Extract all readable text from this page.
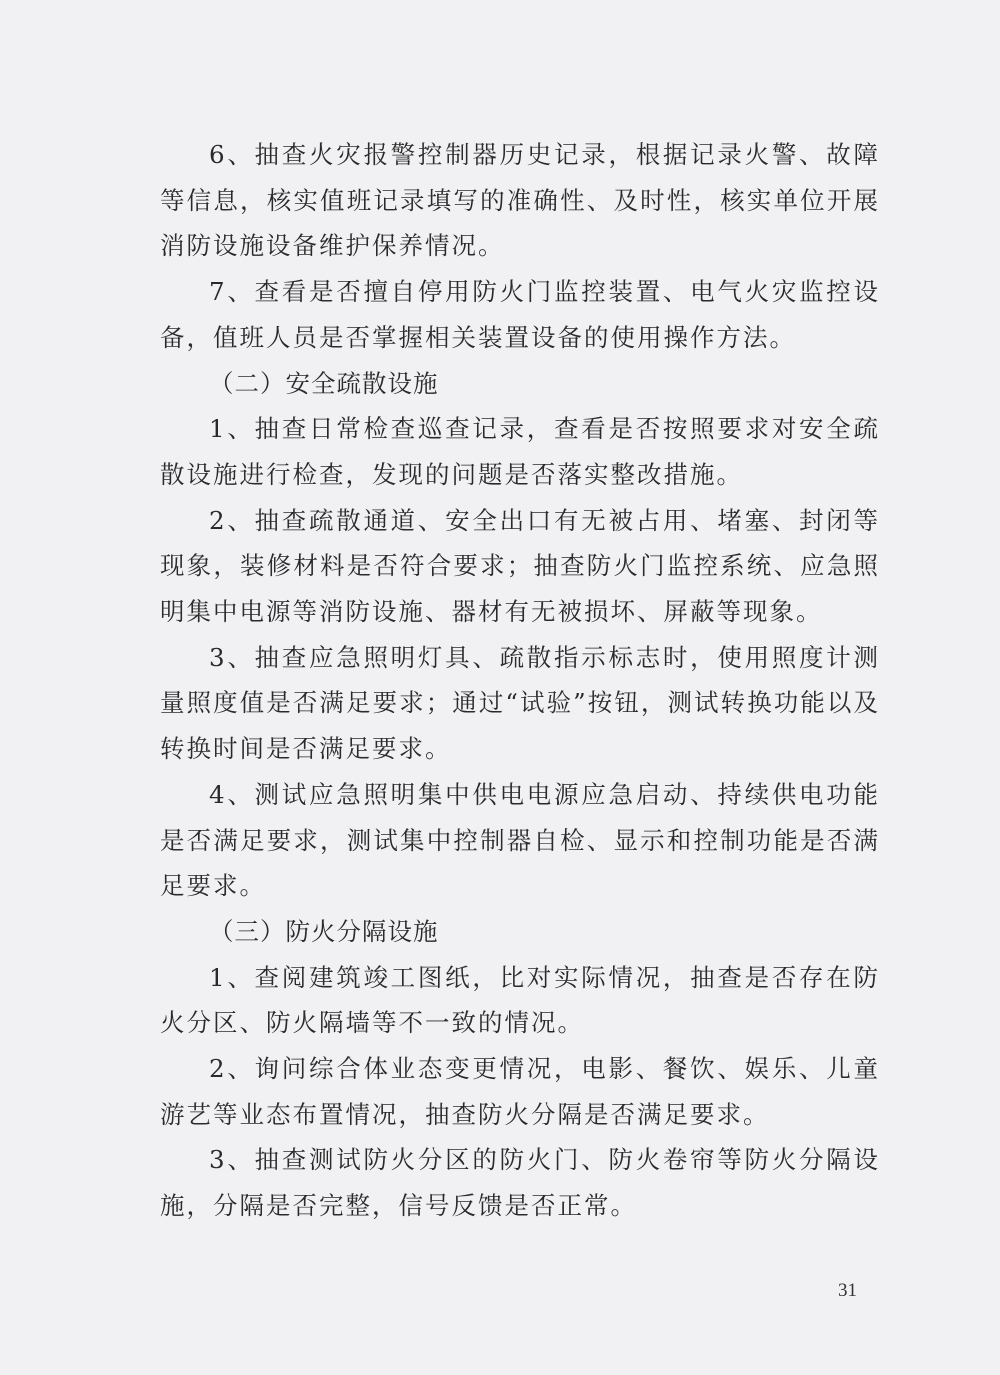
6、抽查火灾报警控制器历史记录，根据记录火警、故障等信息，核实值班记录填写的准确性、及时性，核实单位开展消防设施设备维护保养情况。

7、查看是否擅自停用防火门监控装置、电气火灾监控设备，值班人员是否掌握相关装置设备的使用操作方法。

（二）安全疏散设施

1、抽查日常检查巡查记录，查看是否按照要求对安全疏散设施进行检查，发现的问题是否落实整改措施。

2、抽查疏散通道、安全出口有无被占用、堵塞、封闭等现象，装修材料是否符合要求；抽查防火门监控系统、应急照明集中电源等消防设施、器材有无被损坏、屏蔽等现象。

3、抽查应急照明灯具、疏散指示标志时，使用照度计测量照度值是否满足要求；通过“试验”按钮，测试转换功能以及转换时间是否满足要求。

4、测试应急照明集中供电电源应急启动、持续供电功能是否满足要求，测试集中控制器自检、显示和控制功能是否满足要求。

（三）防火分隔设施

1、查阅建筑竣工图纸，比对实际情况，抽查是否存在防火分区、防火隔墙等不一致的情况。

2、询问综合体业态变更情况，电影、餐饮、娱乐、儿童游艺等业态布置情况，抽查防火分隔是否满足要求。

3、抽查测试防火分区的防火门、防火卷帘等防火分隔设施，分隔是否完整，信号反馈是否正常。

31
